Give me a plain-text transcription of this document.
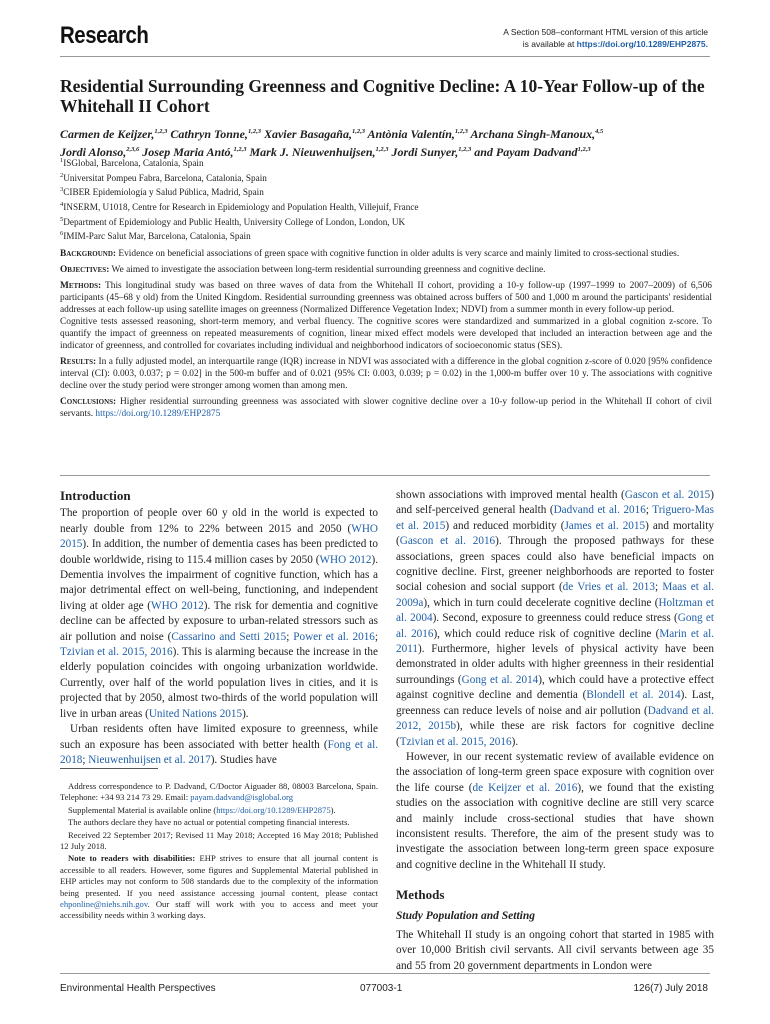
Research	A Section 508–conformant HTML version of this article
is available at https://doi.org/10.1289/EHP2875.
Residential Surrounding Greenness and Cognitive Decline: A 10-Year Follow-up of the Whitehall II Cohort
Carmen de Keijzer,$^{1,2,3}$ Cathryn Tonne,$^{1,2,3}$ Xavier Basagaña,$^{1,2,3}$ Antònia Valentín,$^{1,2,3}$ Archana Singh-Manoux,$^{4,5}$
Jordi Alonso,$^{2,3,6}$ Josep Maria Antó,$^{1,2,3}$ Mark J. Nieuwenhuijsen,$^{1,2,3}$ Jordi Sunyer,$^{1,2,3}$ and Payam Dadvand$^{1,2,3}$
$^1$ISGlobal, Barcelona, Catalonia, Spain
$^2$Universitat Pompeu Fabra, Barcelona, Catalonia, Spain
$^3$CIBER Epidemiología y Salud Pública, Madrid, Spain
$^4$INSERM, U1018, Centre for Research in Epidemiology and Population Health, Villejuif, France
$^5$Department of Epidemiology and Public Health, University College of London, London, UK
$^6$IMIM-Parc Salut Mar, Barcelona, Catalonia, Spain

Background: Evidence on beneficial associations of green space with cognitive function in older adults is very scarce and mainly limited to cross-sectional studies.

Objectives: We aimed to investigate the association between long-term residential surrounding greenness and cognitive decline.

Methods: This longitudinal study was based on three waves of data from the Whitehall II cohort, providing a 10-y follow-up (1997–1999 to 2007–2009) of 6,506 participants (45–68 y old) from the United Kingdom. Residential surrounding greenness was obtained across buffers of 500 and 1,000 m around the participants' residential addresses at each follow-up using satellite images on greenness (Normalized Difference Vegetation Index; NDVI) from a summer month in every follow-up period.

Cognitive tests assessed reasoning, short-term memory, and verbal fluency. The cognitive scores were standardized and summarized in a global cognition z-score. To quantify the impact of greenness on repeated measurements of cognition, linear mixed effect models were developed that included an interaction between age and the indicator of greenness, and controlled for covariates including individual and neighborhood indicators of socioeconomic status (SES).

Results: In a fully adjusted model, an interquartile range (IQR) increase in NDVI was associated with a difference in the global cognition z-score of 0.020 [95% confidence interval (CI): 0.003, 0.037; p = 0.02] in the 500-m buffer and of 0.021 (95% CI: 0.003, 0.039; p = 0.02) in the 1,000-m buffer over 10 y. The associations with cognitive decline over the study period were stronger among women than among men.

Conclusions: Higher residential surrounding greenness was associated with slower cognitive decline over a 10-y follow-up period in the Whitehall II cohort of civil servants. https://doi.org/10.1289/EHP2875

Introduction

The proportion of people over 60 y old in the world is expected to nearly double from 12% to 22% between 2015 and 2050 (WHO 2015). In addition, the number of dementia cases has been predicted to double worldwide, rising to 115.4 million cases by 2050 (WHO 2012). Dementia involves the impairment of cognitive function, which has a major detrimental effect on well-being, functioning, and independent living at older age (WHO 2012). The risk for dementia and cognitive decline can be affected by exposure to urban-related stressors such as air pollution and noise (Cassarino and Setti 2015; Power et al. 2016; Tzivian et al. 2015, 2016). This is alarming because the increase in the elderly population coincides with ongoing urbanization worldwide. Currently, over half of the world population lives in cities, and it is projected that by 2050, almost two-thirds of the world population will live in urban areas (United Nations 2015).

Urban residents often have limited exposure to greenness, while such an exposure has been associated with better health (Fong et al. 2018; Nieuwenhuijsen et al. 2017). Studies have

Address correspondence to P. Dadvand, C/Doctor Aiguader 88, 08003 Barcelona, Spain. Telephone: +34 93 214 73 29. Email: payam.dadvand@isglobal.org

Supplemental Material is available online (https://doi.org/10.1289/EHP2875).

The authors declare they have no actual or potential competing financial interests.

Received 22 September 2017; Revised 11 May 2018; Accepted 16 May 2018; Published 12 July 2018.

Note to readers with disabilities: EHP strives to ensure that all journal content is accessible to all readers. However, some figures and Supplemental Material published in EHP articles may not conform to 508 standards due to the complexity of the information being presented. If you need assistance accessing journal content, please contact ehponline@niehs.nih.gov. Our staff will work with you to access and meet your accessibility needs within 3 working days.

shown associations with improved mental health (Gascon et al. 2015) and self-perceived general health (Dadvand et al. 2016; Triguero-Mas et al. 2015) and reduced morbidity (James et al. 2015) and mortality (Gascon et al. 2016). Through the proposed pathways for these associations, green spaces could also have beneficial impacts on cognitive decline. First, greener neighborhoods are reported to foster social cohesion and social support (de Vries et al. 2013; Maas et al. 2009a), which in turn could decelerate cognitive decline (Holtzman et al. 2004). Second, exposure to greenness could reduce stress (Gong et al. 2016), which could reduce risk of cognitive decline (Marin et al. 2011). Furthermore, higher levels of physical activity have been demonstrated in older adults with higher greenness in their residential surroundings (Gong et al. 2014), which could have a protective effect against cognitive decline and dementia (Blondell et al. 2014). Last, greenness can reduce levels of noise and air pollution (Dadvand et al. 2012, 2015b), while these are risk factors for cognitive decline (Tzivian et al. 2015, 2016).

However, in our recent systematic review of available evidence on the association of long-term green space exposure with cognition over the life course (de Keijzer et al. 2016), we found that the existing studies on the association with cognitive decline are still very scarce and mainly include cross-sectional studies that have shown inconsistent results. Therefore, the aim of the present study was to investigate the association between long-term green space exposure and cognitive decline in the Whitehall II study.

Methods
Study Population and Setting

The Whitehall II study is an ongoing cohort that started in 1985 with over 10,000 British civil servants. All civil servants between age 35 and 55 from 20 government departments in London were

Environmental Health Perspectives	077003-1	126(7) July 2018
